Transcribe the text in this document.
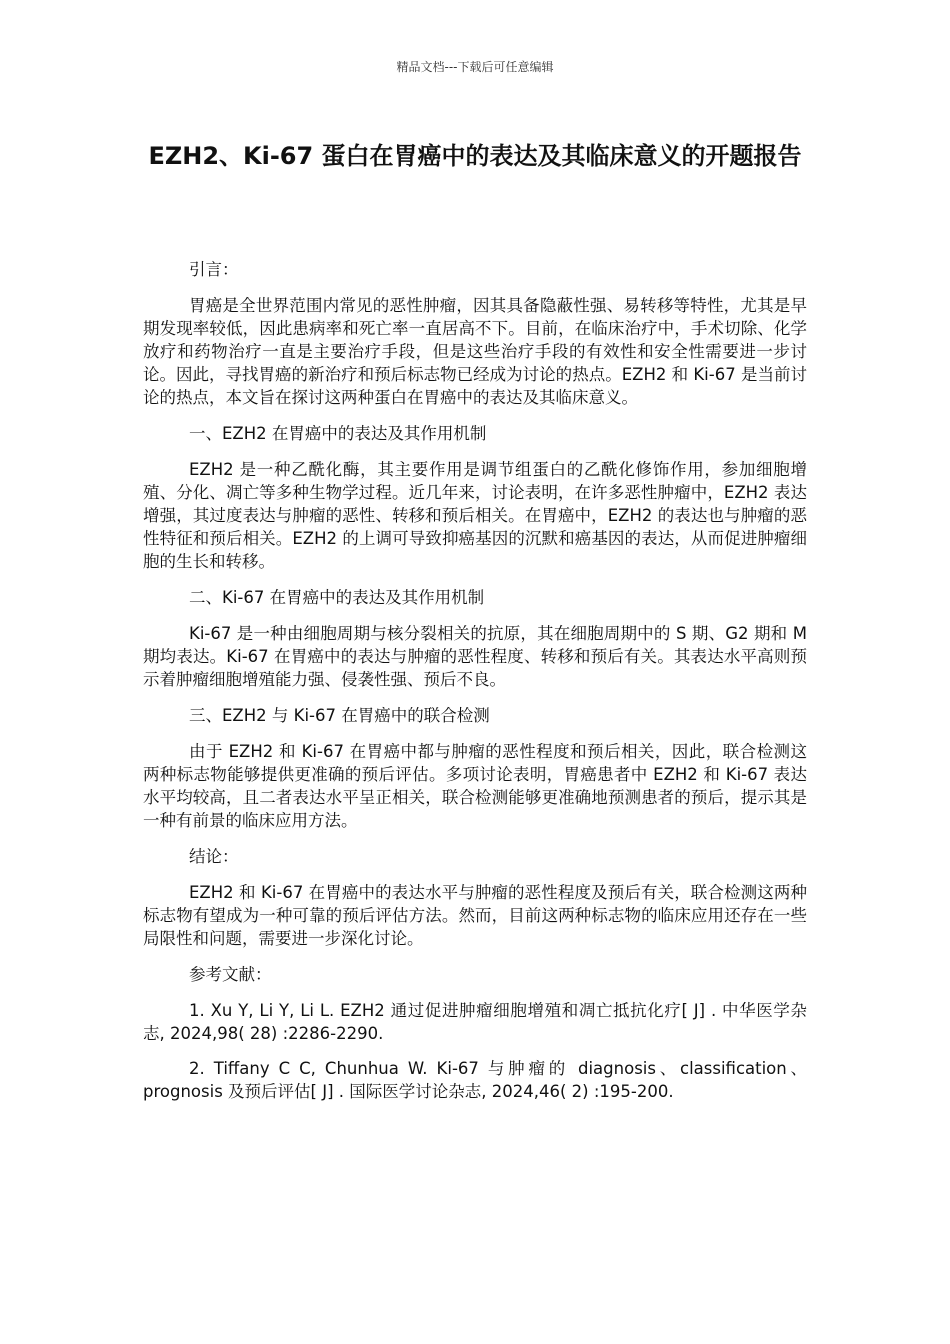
精品文档---下载后可任意编辑
EZH2、Ki-67 蛋白在胃癌中的表达及其临床意义的开题报告

引言：

胃癌是全世界范围内常见的恶性肿瘤，因其具备隐蔽性强、易转移等特性，尤其是早期发现率较低，因此患病率和死亡率一直居高不下。目前，在临床治疗中，手术切除、化学放疗和药物治疗一直是主要治疗手段，但是这些治疗手段的有效性和安全性需要进一步讨论。因此，寻找胃癌的新治疗和预后标志物已经成为讨论的热点。EZH2 和 Ki-67 是当前讨论的热点，本文旨在探讨这两种蛋白在胃癌中的表达及其临床意义。

一、EZH2 在胃癌中的表达及其作用机制

EZH2 是一种乙酰化酶，其主要作用是调节组蛋白的乙酰化修饰作用，参加细胞增殖、分化、凋亡等多种生物学过程。近几年来，讨论表明，在许多恶性肿瘤中，EZH2 表达增强，其过度表达与肿瘤的恶性、转移和预后相关。在胃癌中，EZH2 的表达也与肿瘤的恶性特征和预后相关。EZH2 的上调可导致抑癌基因的沉默和癌基因的表达，从而促进肿瘤细胞的生长和转移。

二、Ki-67 在胃癌中的表达及其作用机制

Ki-67 是一种由细胞周期与核分裂相关的抗原，其在细胞周期中的 S 期、G2 期和 M 期均表达。Ki-67 在胃癌中的表达与肿瘤的恶性程度、转移和预后有关。其表达水平高则预示着肿瘤细胞增殖能力强、侵袭性强、预后不良。

三、EZH2 与 Ki-67 在胃癌中的联合检测

由于 EZH2 和 Ki-67 在胃癌中都与肿瘤的恶性程度和预后相关，因此，联合检测这两种标志物能够提供更准确的预后评估。多项讨论表明，胃癌患者中 EZH2 和 Ki-67 表达水平均较高，且二者表达水平呈正相关，联合检测能够更准确地预测患者的预后，提示其是一种有前景的临床应用方法。

结论：

EZH2 和 Ki-67 在胃癌中的表达水平与肿瘤的恶性程度及预后有关，联合检测这两种标志物有望成为一种可靠的预后评估方法。然而，目前这两种标志物的临床应用还存在一些局限性和问题，需要进一步深化讨论。

参考文献：

1. Xu Y, Li Y, Li L. EZH2 通过促进肿瘤细胞增殖和凋亡抵抗化疗[ J] . 中华医学杂志, 2024,98( 28) :2286-2290.

2. Tiffany C C, Chunhua W. Ki-67 与肿瘤的 diagnosis、classification、prognosis 及预后评估[ J] . 国际医学讨论杂志, 2024,46( 2) :195-200.
